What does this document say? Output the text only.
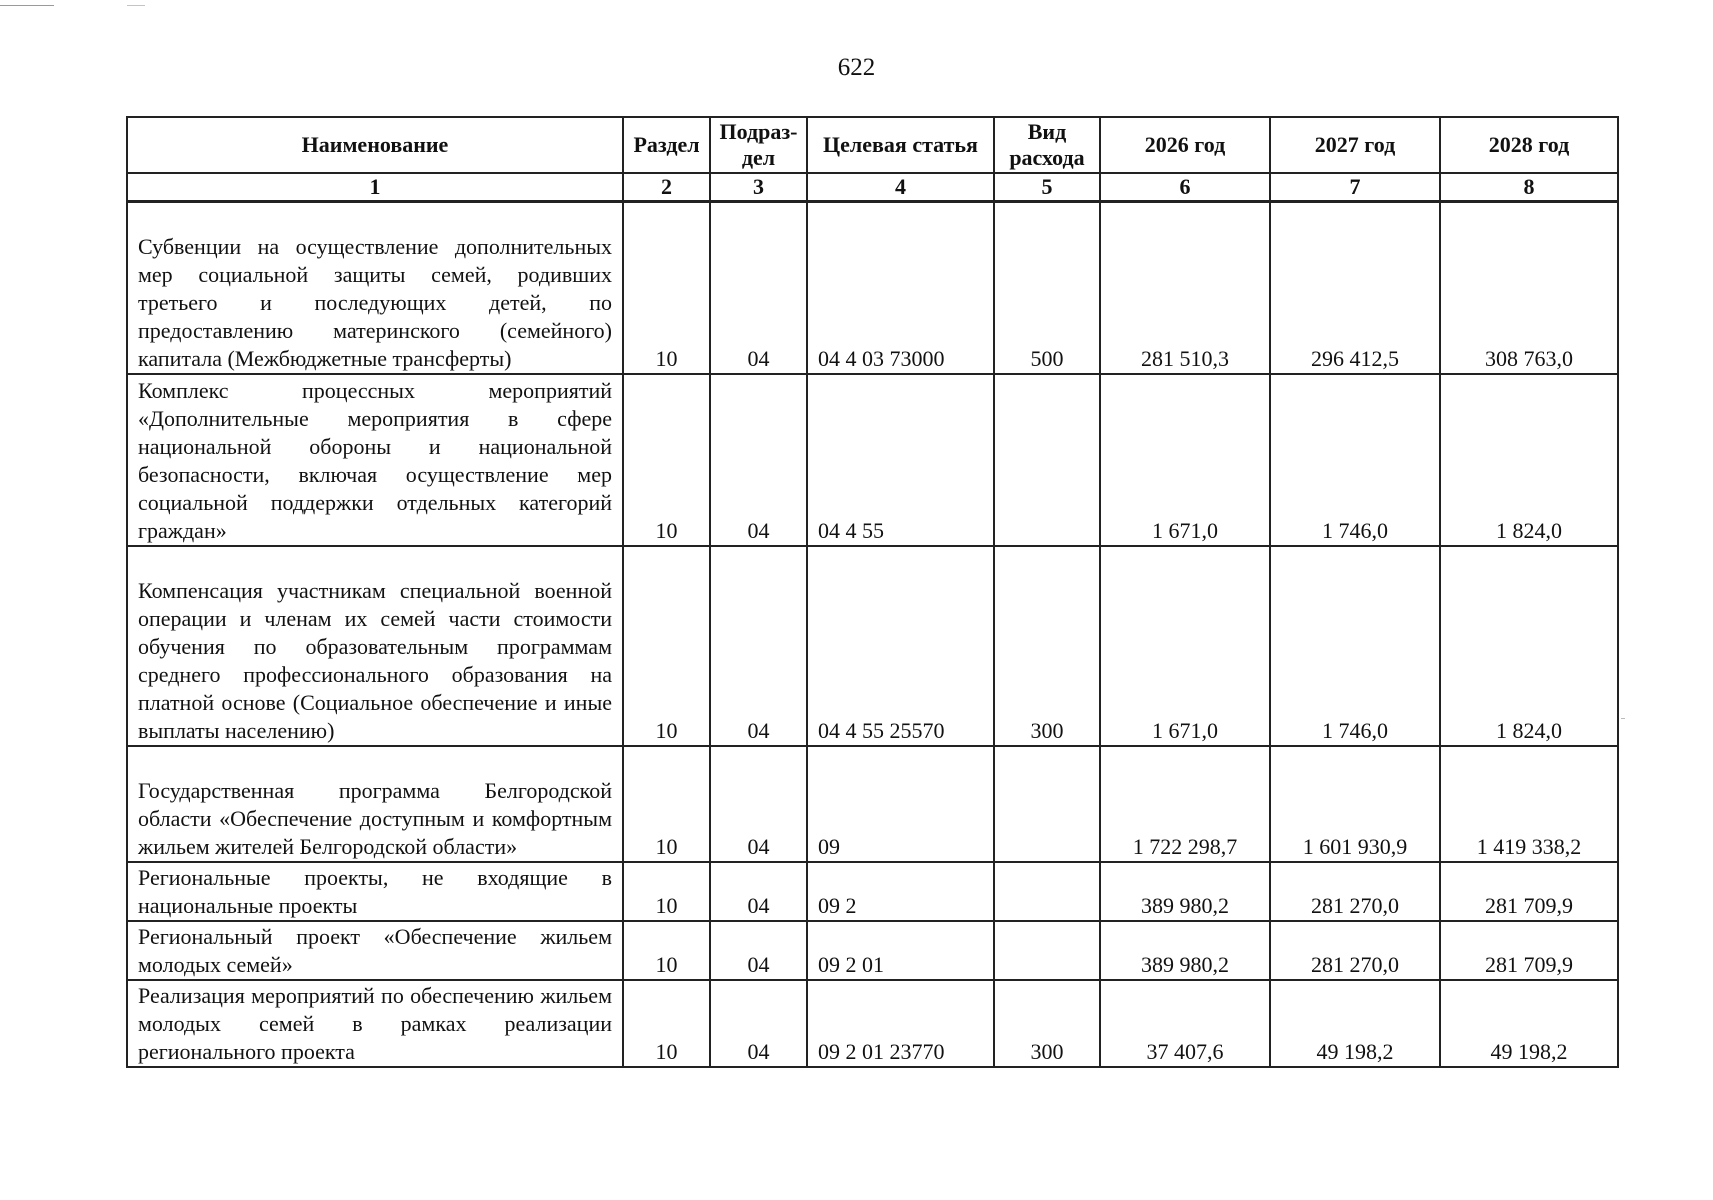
622
Наименование	Раздел	Подраз-дел	Целевая статья	Вид расхода	2026 год	2027 год	2028 год
1	2	3	4	5	6	7	8
Субвенции на осуществление дополнительных мер социальной защиты семей, родивших третьего и последующих детей, по предоставлению материнского (семейного) капитала (Межбюджетные трансферты)	10	04	04 4 03 73000	500	281 510,3	296 412,5	308 763,0
Комплекс процессных мероприятий «Дополнительные мероприятия в сфере национальной обороны и национальной безопасности, включая осуществление мер социальной поддержки отдельных категорий граждан»	10	04	04 4 55		1 671,0	1 746,0	1 824,0
Компенсация участникам специальной военной операции и членам их семей части стоимости обучения по образовательным программам среднего профессионального образования на платной основе (Социальное обеспечение и иные выплаты населению)	10	04	04 4 55 25570	300	1 671,0	1 746,0	1 824,0
Государственная программа Белгородской области «Обеспечение доступным и комфортным жильем жителей Белгородской области»	10	04	09		1 722 298,7	1 601 930,9	1 419 338,2
Региональные проекты, не входящие в национальные проекты	10	04	09 2		389 980,2	281 270,0	281 709,9
Региональный проект «Обеспечение жильем молодых семей»	10	04	09 2 01		389 980,2	281 270,0	281 709,9
Реализация мероприятий по обеспечению жильем молодых семей в рамках реализации регионального проекта	10	04	09 2 01 23770	300	37 407,6	49 198,2	49 198,2
